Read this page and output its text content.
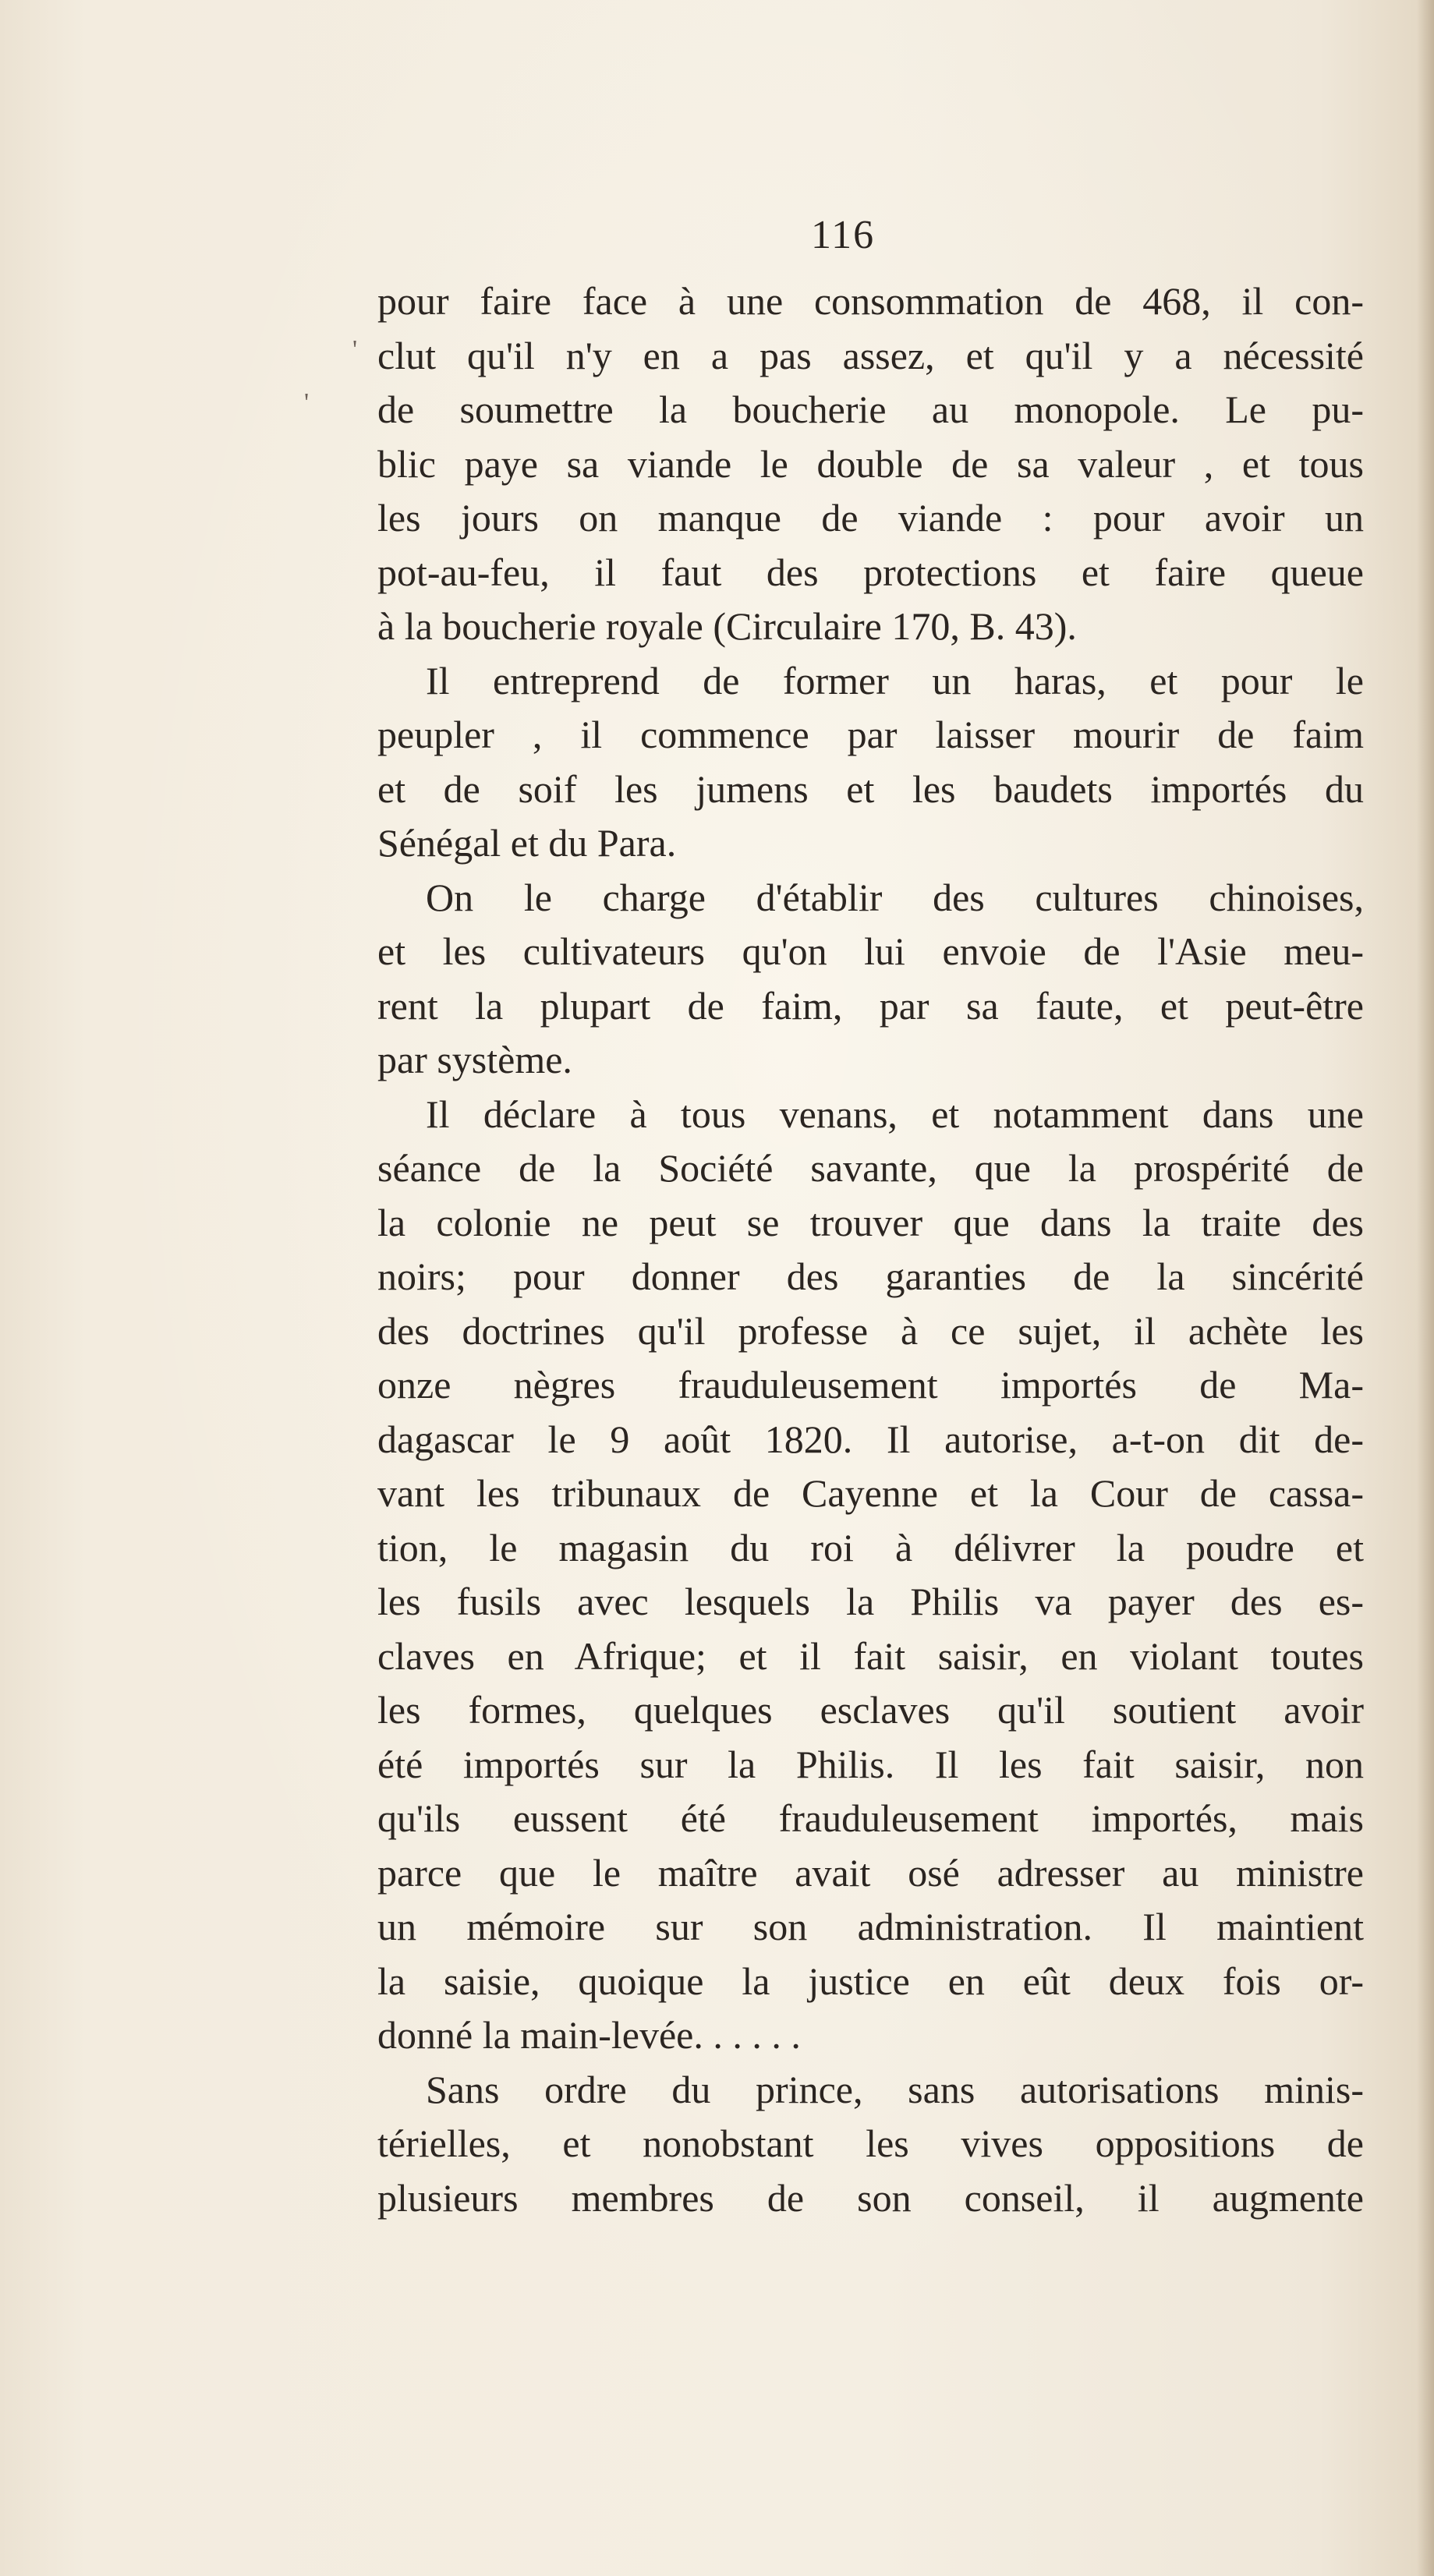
116
'
'
pour faire face à une consommation de 468, il con-
clut qu'il n'y en a pas assez, et qu'il y a nécessité
de soumettre la boucherie au monopole. Le pu-
blic paye sa viande le double de sa valeur , et tous
les jours on manque de viande : pour avoir un
pot-au-feu, il faut des protections et faire queue
à la boucherie royale (Circulaire 170, B. 43).
Il entreprend de former un haras, et pour le
peupler , il commence par laisser mourir de faim
et de soif les jumens et les baudets importés du
Sénégal et du Para.
On le charge d'établir des cultures chinoises,
et les cultivateurs qu'on lui envoie de l'Asie meu-
rent la plupart de faim, par sa faute, et peut-être
par système.
Il déclare à tous venans, et notamment dans une
séance de la Société savante, que la prospérité de
la colonie ne peut se trouver que dans la traite des
noirs; pour donner des garanties de la sincérité
des doctrines qu'il professe à ce sujet, il achète les
onze nègres frauduleusement importés de Ma-
dagascar le 9 août 1820. Il autorise, a-t-on dit de-
vant les tribunaux de Cayenne et la Cour de cassa-
tion, le magasin du roi à délivrer la poudre et
les fusils avec lesquels la Philis va payer des es-
claves en Afrique; et il fait saisir, en violant toutes
les formes, quelques esclaves qu'il soutient avoir
été importés sur la Philis. Il les fait saisir, non
qu'ils eussent été frauduleusement importés, mais
parce que le maître avait osé adresser au ministre
un mémoire sur son administration. Il maintient
la saisie, quoique la justice en eût deux fois or-
donné la main-levée. . . . . .
Sans ordre du prince, sans autorisations minis-
térielles, et nonobstant les vives oppositions de
plusieurs membres de son conseil, il augmente
